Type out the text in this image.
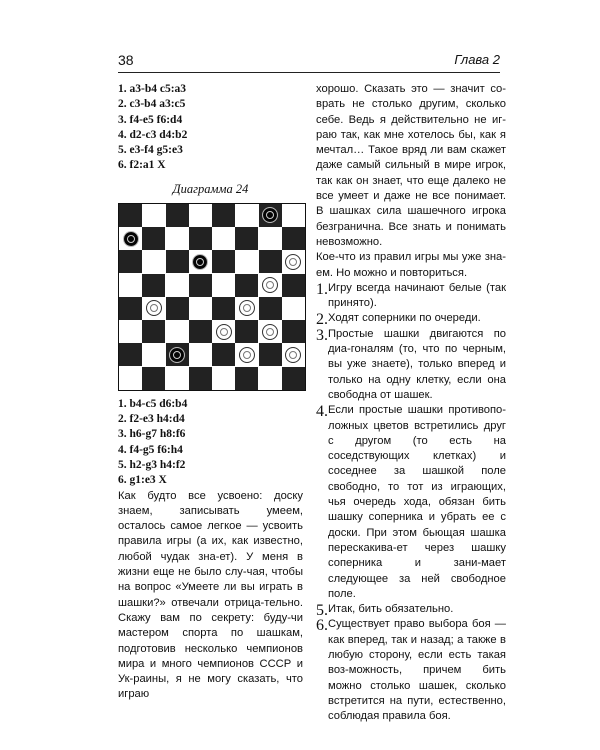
38	Глава 2
1. a3-b4 c5:a3
2. c3-b4 a3:c5
3. f4-e5 f6:d4
4. d2-c3 d4:b2
5. e3-f4 g5:e3
6. f2:a1 X
Диаграмма 24
1. b4-c5 d6:b4
2. f2-e3 h4:d4
3. h6-g7 h8:f6
4. f4-g5 f6:h4
5. h2-g3 h4:f2
6. g1:e3 X

Как будто все усвоено: доску знаем, записывать умеем, осталось самое легкое — усвоить правила игры (а их, как известно, любой чудак зна-ет). У меня в жизни еще не было слу-чая, чтобы на вопрос «Умеете ли вы играть в шашки?» отвечали отрица-тельно. Скажу вам по секрету: буду-чи мастером спорта по шашкам, подготовив несколько чемпионов мира и много чемпионов СССР и Ук-раины, я не могу сказать, что играю

хорошо. Сказать это — значит со-врать не столько другим, сколько себе. Ведь я действительно не иг-раю так, как мне хотелось бы, как я мечтал… Такое вряд ли вам скажет даже самый сильный в мире игрок, так как он знает, что еще далеко не все умеет и даже не все понимает. В шашках сила шашечного игрока безгранична. Все знать и понимать невозможно.

Кое-что из правил игры мы уже зна-ем. Но можно и повториться.

1. Игру всегда начинают белые (так принято).

2. Ходят соперники по очереди.

3. Простые шашки двигаются по диа-гоналям (то, что по черным, вы уже знаете), только вперед и только на одну клетку, если она свободна от шашек.

4. Если простые шашки противопо-ложных цветов встретились друг с другом (то есть на соседствующих клетках) и соседнее за шашкой поле свободно, то тот из играющих, чья очередь хода, обязан бить шашку соперника и убрать ее с доски. При этом бьющая шашка перескакива-ет через шашку соперника и зани-мает следующее за ней свободное поле.

5. Итак, бить обязательно.

6. Существует право выбора боя — как вперед, так и назад; а также в любую сторону, если есть такая воз-можность, причем бить можно столько шашек, сколько встретится на пути, естественно, соблюдая правила боя.
